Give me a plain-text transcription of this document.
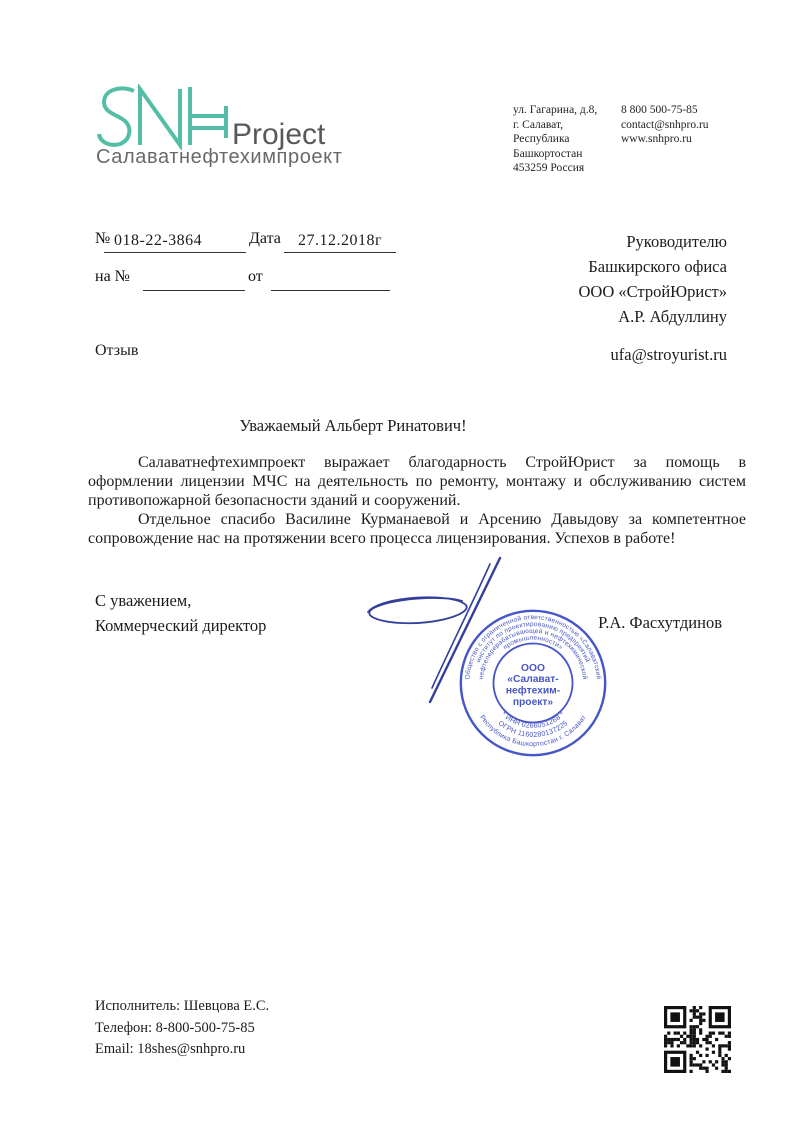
Project
Салаватнефтехимпроект
ул. Гагарина, д.8,
г. Салават,
Республика
Башкортостан
453259 Россия
8 800 500-75-85
contact@snhpro.ru
www.snhpro.ru
№ 018-22-3864	Дата	27.12.2018г
на №	от
Руководителю
Башкирского офиса
ООО «СтройЮрист»
А.Р. Абдуллину
ufa@stroyurist.ru
Отзыв
Уважаемый Альберт Ринатович!
Салаватнефтехимпроект выражает благодарность СтройЮрист за помощь в
оформлении лицензии МЧС на деятельность по ремонту, монтажу и обслуживанию систем
противопожарной безопасности зданий и сооружений.
Отдельное спасибо Василине Курманаевой и Арсению Давыдову за компетентное
сопровождение нас на протяжении всего процесса лицензирования. Успехов в работе!
С уважением,
Коммерческий директор	Р.А. Фасхутдинов
Общество с ограниченной ответственностью «Салаватский
институт по проектированию предприятий
нефтеперерабатывающей и нефтехимической
промышленности»
Республика Башкортостан г. Салават
ОГРН 1160280137225
* ИНН 0266051268 *
ООО
«Салават-
нефтехим-
проект»
Исполнитель: Шевцова Е.С.
Телефон: 8-800-500-75-85
Email: 18shes@snhpro.ru
